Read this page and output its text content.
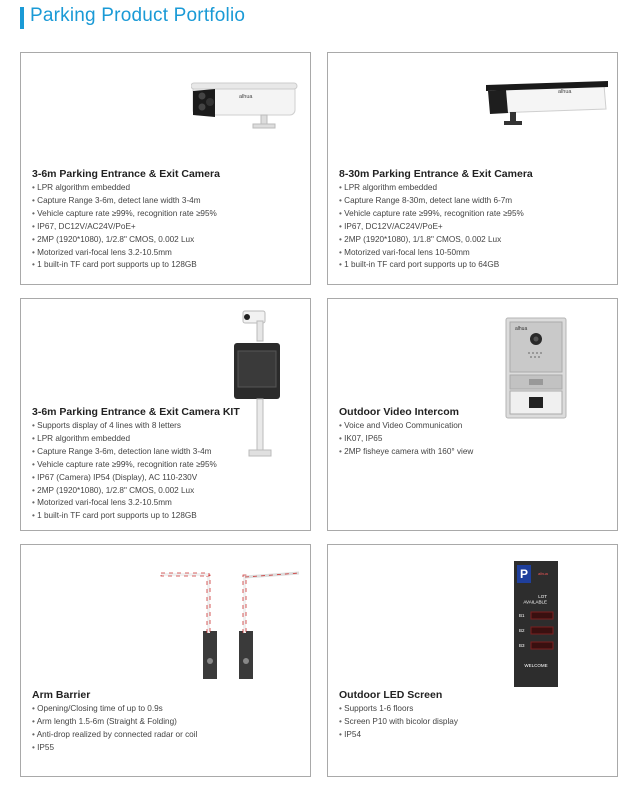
Parking Product Portfolio
alhua
3-6m Parking Entrance & Exit Camera
• LPR algorithm embedded
• Capture Range 3-6m, detect lane width 3-4m
• Vehicle capture rate ≥99%, recognition rate ≥95%
• IP67, DC12V/AC24V/PoE+
• 2MP (1920*1080), 1/2.8" CMOS, 0.002 Lux
• Motorized vari-focal lens 3.2-10.5mm
• 1 built-in TF card port supports up to 128GB
alhua
8-30m Parking Entrance & Exit Camera
• LPR algorithm embedded
• Capture Range 8-30m, detect lane width 6-7m
• Vehicle capture rate ≥99%, recognition rate ≥95%
• IP67, DC12V/AC24V/PoE+
• 2MP (1920*1080), 1/1.8" CMOS, 0.002 Lux
• Motorized vari-focal lens 10-50mm
• 1 built-in TF card port supports up to 64GB
3-6m Parking Entrance & Exit Camera KIT
• Supports display of 4 lines with 8 letters
• LPR algorithm embedded
• Capture Range 3-6m, detection lane width 3-4m
• Vehicle capture rate ≥99%, recognition rate ≥95%
• IP67 (Camera) IP54 (Display), AC 110-230V
• 2MP (1920*1080), 1/2.8" CMOS, 0.002 Lux
• Motorized vari-focal lens 3.2-10.5mm
• 1 built-in TF card port supports up to 128GB
alhua
Outdoor Video Intercom
• Voice and Video Communication
• IK07, IP65
• 2MP fisheye camera with 160° view
Arm Barrier
• Opening/Closing time of up to 0.9s
• Arm length 1.5-6m (Straight & Folding)
• Anti-drop realized by connected radar or coil
• IP55
P alhua
LOT AVAILABLE
B1
B2
B3
WELCOME
Outdoor LED Screen
• Supports 1-6 floors
• Screen P10 with bicolor display
• IP54
